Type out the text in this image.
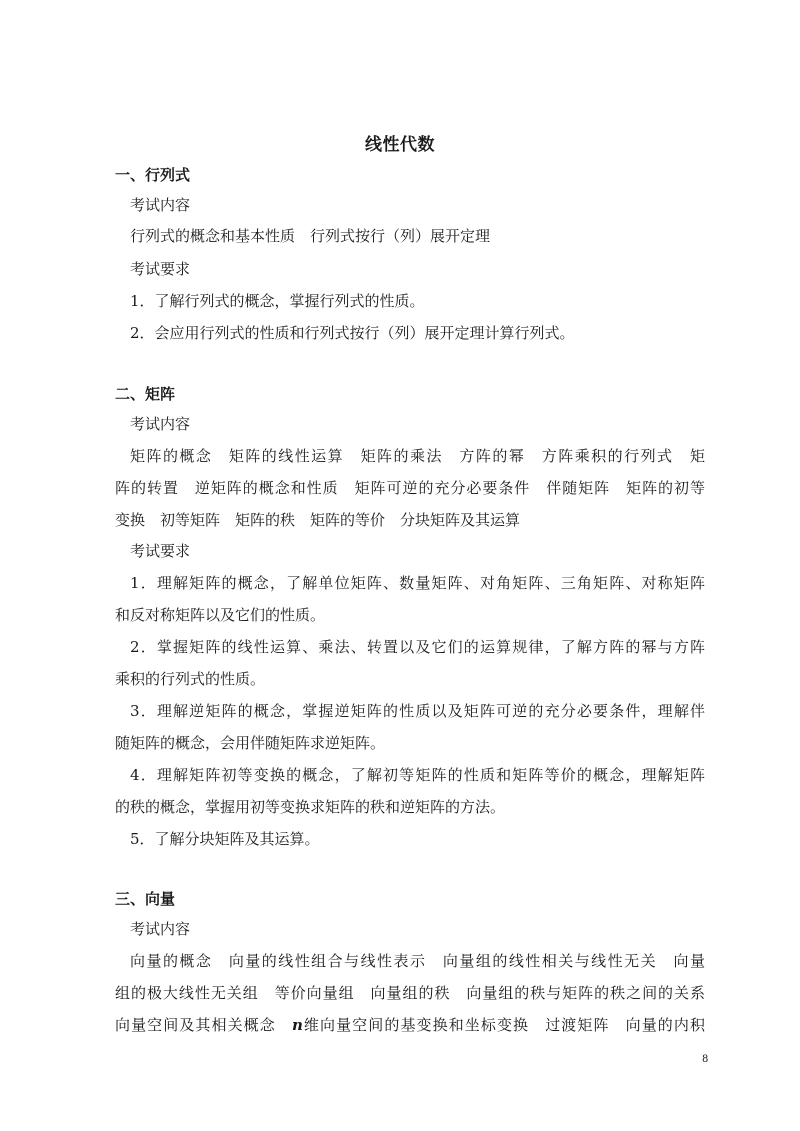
线性代数
一、行列式
考试内容
行列式的概念和基本性质　行列式按行（列）展开定理
考试要求
1．了解行列式的概念，掌握行列式的性质。
2．会应用行列式的性质和行列式按行（列）展开定理计算行列式。
二、矩阵
考试内容
矩阵的概念　矩阵的线性运算　矩阵的乘法　方阵的幂　方阵乘积的行列式　矩
阵的转置　逆矩阵的概念和性质　矩阵可逆的充分必要条件　伴随矩阵　矩阵的初等
变换　初等矩阵　矩阵的秩　矩阵的等价　分块矩阵及其运算
考试要求
1．理解矩阵的概念，了解单位矩阵、数量矩阵、对角矩阵、三角矩阵、对称矩阵
和反对称矩阵以及它们的性质。
2．掌握矩阵的线性运算、乘法、转置以及它们的运算规律，了解方阵的幂与方阵
乘积的行列式的性质。
3．理解逆矩阵的概念，掌握逆矩阵的性质以及矩阵可逆的充分必要条件，理解伴
随矩阵的概念，会用伴随矩阵求逆矩阵。
4．理解矩阵初等变换的概念，了解初等矩阵的性质和矩阵等价的概念，理解矩阵
的秩的概念，掌握用初等变换求矩阵的秩和逆矩阵的方法。
5．了解分块矩阵及其运算。
三、向量
考试内容
向量的概念　向量的线性组合与线性表示　向量组的线性相关与线性无关　向量
组的极大线性无关组　等价向量组　向量组的秩　向量组的秩与矩阵的秩之间的关系
向量空间及其相关概念　n维向量空间的基变换和坐标变换　过渡矩阵　向量的内积
8
